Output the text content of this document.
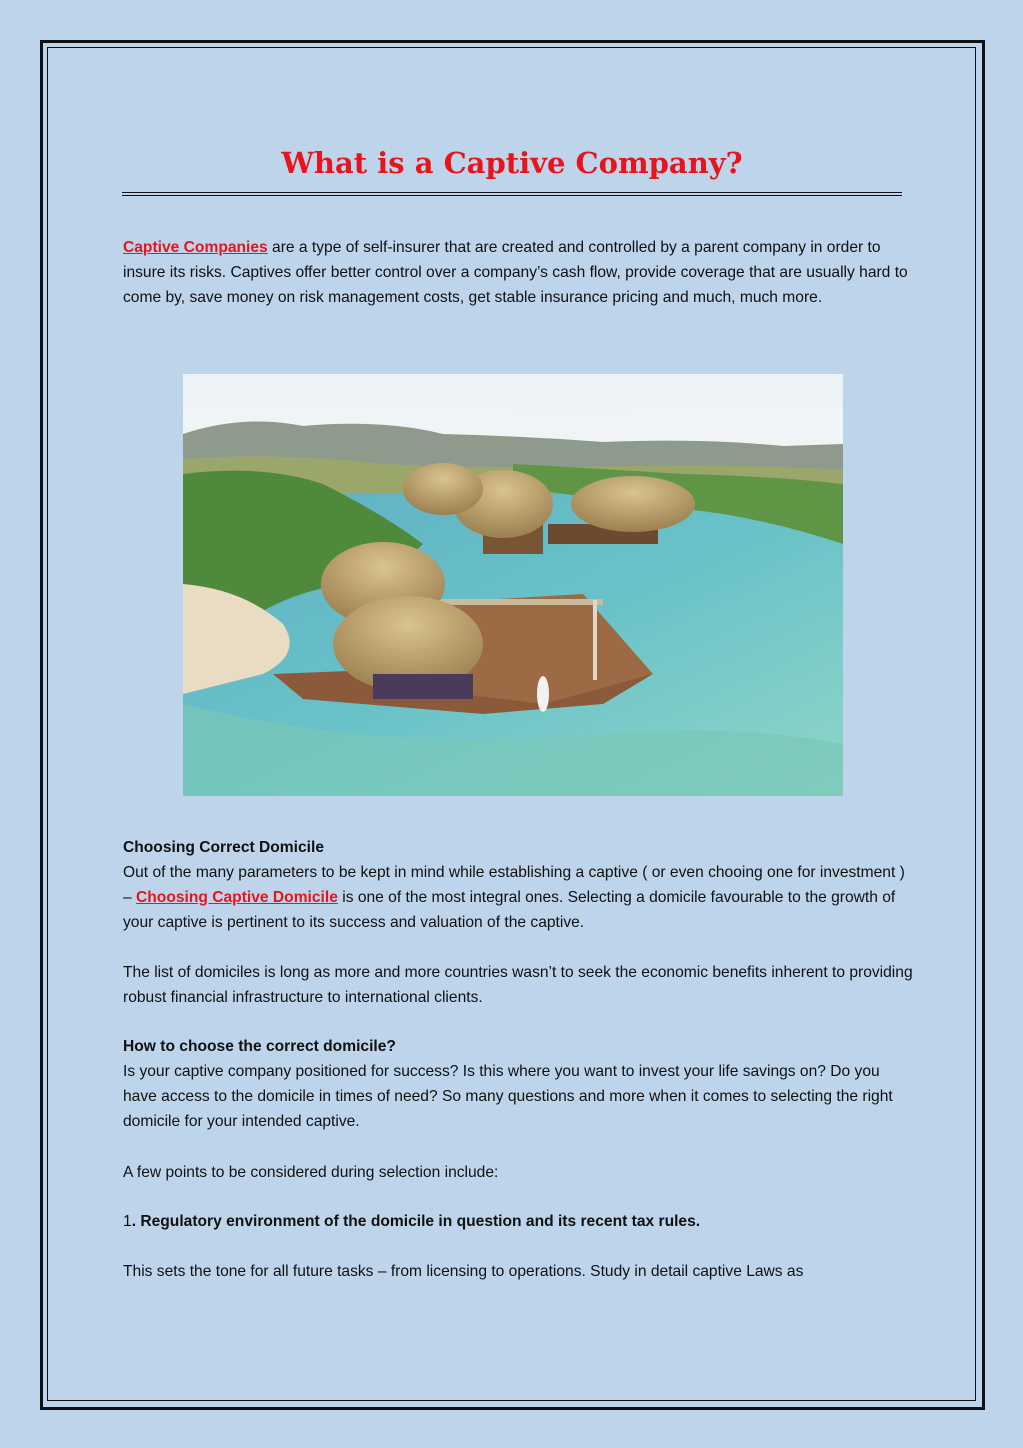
What is a Captive Company?

Captive Companies are a type of self-insurer that are created and controlled by a parent company in order to insure its risks. Captives offer better control over a company’s cash flow, provide coverage that are usually hard to come by, save money on risk management costs, get stable insurance pricing and much, much more.

Choosing Correct Domicile
Out of the many parameters to be kept in mind while establishing a captive ( or even chooing one for investment ) – Choosing Captive Domicile is one of the most integral ones. Selecting a domicile favourable to the growth of your captive is pertinent to its success and valuation of the captive.

The list of domiciles is long as more and more countries wasn’t to seek the economic benefits inherent to providing robust financial infrastructure to international clients.

How to choose the correct domicile?
Is your captive company positioned for success? Is this where you want to invest your life savings on? Do you have access to the domicile in times of need? So many questions and more when it comes to selecting the right domicile for your intended captive.

A few points to be considered during selection include:

1. Regulatory environment of the domicile in question and its recent tax rules.

This sets the tone for all future tasks – from licensing to operations. Study in detail captive Laws as
